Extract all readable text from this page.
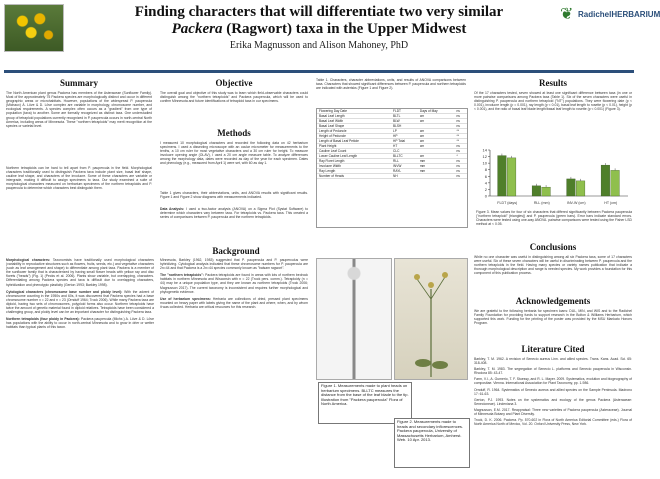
Finding characters that will differentiate two very similar
Packera (Ragwort) taxa in the Upper Midwest
Erika Magnusson and Alison Mahoney, PhD
❦ RadichelHERBARIUM
Summary
The North American plant genus Packera has members of the Asteraceae (Sunflower Family). Most of the approximately 75 Packera species are morphologically distinct and occur in different geographic areas or microhabitats. However, populations of the widespread P. paupercula (Michaux) Á. Löve & D. Löve complex are variable in morphology, chromosome number, and ecological requirements. A species complex often occurs as a "gradient" from one type of population (taxa) to another. Some are formally recognized as distinct taxa. One understudied group of tetraploid populations currently recognized in P. paupercula occurs in north-central North America, including areas of Minnesota. These "northern tetraploids" may merit recognition at the species or varietal level.
Northern tetraploids can be hard to tell apart from P. paupercula in the field. Morphological characters traditionally used to distinguish Packera taxa include plant size, basal leaf shape, cauline leaf shape, and characters of the involucre. Some of these characters are variable or intergrade, making it difficult to assign specimens to taxa. Our study examined a suite of morphological characters measured on herbarium specimens of the northern tetraploids and P. paupercula to determine which characters best distinguish them.
Objective
The overall goal and objective of this study was to learn which field-observable characters could distinguish among the "northern tetraploids" and Packera paupercula, which will be used to confirm Minnesota and future identifications of tetraploid taxa in our specimens.
Methods
I measured 10 morphological characters and recorded the following data on 42 herbarium specimens. I used a dissecting microscope with an ocular micrometer for measurements to the tenths, a 10 cm ruler for most vegetative characters and a 30 cm ruler for height. To measure involucre opening angle (OLAV), I used a 20 cm angle measure table. To analyze differences among the morphology data, dates were recorded as day of the year for each specimen. Dates and phenology (e.g., measured from April 1) were set, with 60 as day 1.
Table 1 gives characters, their abbreviations, units, and ANOVA results with significant results. Figure 1 and Figure 2 show diagrams with measurements indicated.
Data Analysis: I used a two-factor analysis (ANOVA) on a Sigma Plot (Systat Software) to determine which characters vary between taxa. For tetraploids vs. Packera taxa. This created a series of comparisons between P. paupercula and the northern tetraploids.
Table 1. Characters, character abbreviations, units, and results of ANOVA comparisons between taxa. Characters that showed significant differences between P. paupercula and northern tetraploids are indicated with asterisks (Figure 1 and Figure 2).
Flowering Day Date	FLDT	Days of May	ns
Basal Leaf Length	BLTL	cm	ns
Basal Leaf Width	BLW	cm	ns
Basal Leaf Shape	BLSH		ns
Length of Peduncle	LP	cm	**
Height of Peduncle	HP	cm	**
Length of Basal Leaf Petiole	HP Total	cm	**
Plant Height	HT	cm	ns
Cauline Leaf Count	CLC		ns
Lower Cauline Leaf Length	BLLTC	cm	*
Ray Floret Length	RLL	mm	ns
Involucre Width	INVW	mm	ns
Ray Length	RAYL	mm	ns
Number of Heads	NH		ns
Results
Of the 17 characters tested, seven showed at least one significant difference between taxa (in one or more pairwise comparisons among Packera taxa (Table 1). Six of the seven characters were useful in distinguishing P. paupercula and northern tetraploid ("NT") populations. They were flowering date (p < 0.001), involucre length (p = 0.001), ray length (p < 0.01), basal leaf length to rosette (p < 0.01), height (p < 0.001), and the ratio of basal leaf blade length/basal leaf length to rosette (p < 0.001) (Figure 3).
0
2
4
6
8
10
12
14
FLDT (days)	RLL (mm)	INV-W (cm)	HT (cm)
Figure 3. Mean values for four of six characters that differed significantly between Packera paupercula ("northern tetraploid" (triangles)) and P. paupercula (green bars). Error bars indicate standard errors. Characters were tested using one-way ANOVA. pairwise comparisons were tested using the Fisher LSD method at < 0.05.
Background

Morphological characters: Taxonomists have traditionally used morphological characters (variability in reproductive structures such as flowers, fruits, seeds, etc.) and vegetative characters (such as leaf arrangement and shape) to differentiate among plant taxa. Packera is a member of the sunflower family that is characterized by having small flower heads with yellow ray and disc florets ("heads") (Fig. 1) (Pecks et al. 2006). Plants show variable, but overlapping, characters. Differentiating among Packera species and taxa is difficult due to overlapping characters, hybridization and phenotypic plasticity (Gerton 1993; Barkley 1998).

Cytological characters (chromosome base number and ploidy level): With the advent of chromosome counting in the 1950s and 60s, it was discovered that Packera species had a base chromosome number x = 22 and n = 23 (Ornduff 1964; Trock 2006). While many Packera taxa are diploid, having two sets of chromosomes, polyploid forms also occur. Northern tetraploids have twice the amount of genetic material found in diploid relatives. Tetraploids have been considered a challenging group, and ploidy level can be an important character for distinguishing Packera taxa.

Northern tetraploids (four ploidy in Packera): Packera paupercula (Michx.) A. Löve & D. Löve has populations with the ability to occur in north-central Minnesota and to grow in drier or wetter habitats than typical plants of this taxon.

Minnesota, Barkley (1962, 1983) suggested that P. paupercula and P. pauperculus were hybridizing. Cytological analysis indicated that these chromosome numbers for P. paupercula are 2n=44 and that Packera is a 2n=44 species commonly known as "balsam ragwort".

The "northern tetraploids": Packera tetraploids are found in areas with lots of northern bedrock habitats in northern Minnesota and Wisconsin with n = 22 (Trock pers. comm.). Tetraploidy (n = 44) may be a unique population type, and they are known as northern tetraploids (Trock 2006; Magnusson 2017). The current taxonomy is inconsistent and requires further morphological and phylogenetic evidence.

Use of herbarium specimens: Herbaria are collections of dried, pressed plant specimens mounted on heavy paper with labels giving the name of the plant and where, when, and by whom it was collected. Herbaria are critical resources for this research.

Figure 1. Measurements made to plant heads on herbarium specimens. BLLTC measures the distance from the base of the leaf blade to the tip. Illustration from "Packera paupercula" Flora of North America.
Figure 2. Measurements made to heads and secondary inflorescences. Packera paupercula, University of Massachusetts Herbarium, Amherst. Web. 10 Apr. 2013.
Conclusions
While no one character was useful in distinguishing among all six Packera taxa, some of 17 characters were useful. Six of these seven characters will be useful in discriminating between P. paupercula and the northern tetraploids in the field. Having many species or variety names publication that indicate a thorough morphological description and range is needed species. My work provides a foundation for this component of this publication process.
Acknowledgements
We are grateful to the following herbaria for specimen loans: DUL, MIN, and WIS and to the Radichel Family Foundation for providing funds to support research in the Bolton & Williams Herbarium, which supported this work. Funding for the printing of the poster was provided by the MSU Mankato Honors Program.
Literature Cited

Barkley, T. M. 1962. A revision of Senecio aureus Linn. and allied species. Trans. Kans. Acad. Sci. 65: 318-408.

Barkley, T. M. 1983. The segregation of Senecio L. platforms and Senecio paupercula in Wisconsin. Rhodora 85: 43-47.

Farm, V.I., A. Gumerio, T. F. Stuessy, and R. L. Mayer. 2009. Systematics, evolution and biogeography of compositae. Vienna. International Association for Plant Taxonomy, pp. 1-986.

Ornduff, R. 1964. Systematics of Senecio aureus and allied species on the Sample Peninsula. Madrono 17: 61-63.

Gerton, P.J. 1993. Notes on the systematics and ecology of the genus Packera (Asteraceae: Senecioneae). Lindeniana 3.

Magnusson, E.M. 2017. Reappraisal: Three new varieties of Packera paupercula (Asteraceae). Journal of Minnesota Botany and Plant Diversity.

Trock, D. K. 2006. Packera. Pp. 570-602 in Flora of North America Editorial Committee (eds.) Flora of North America North of Mexico, Vol. 20. Oxford University Press, New York.
